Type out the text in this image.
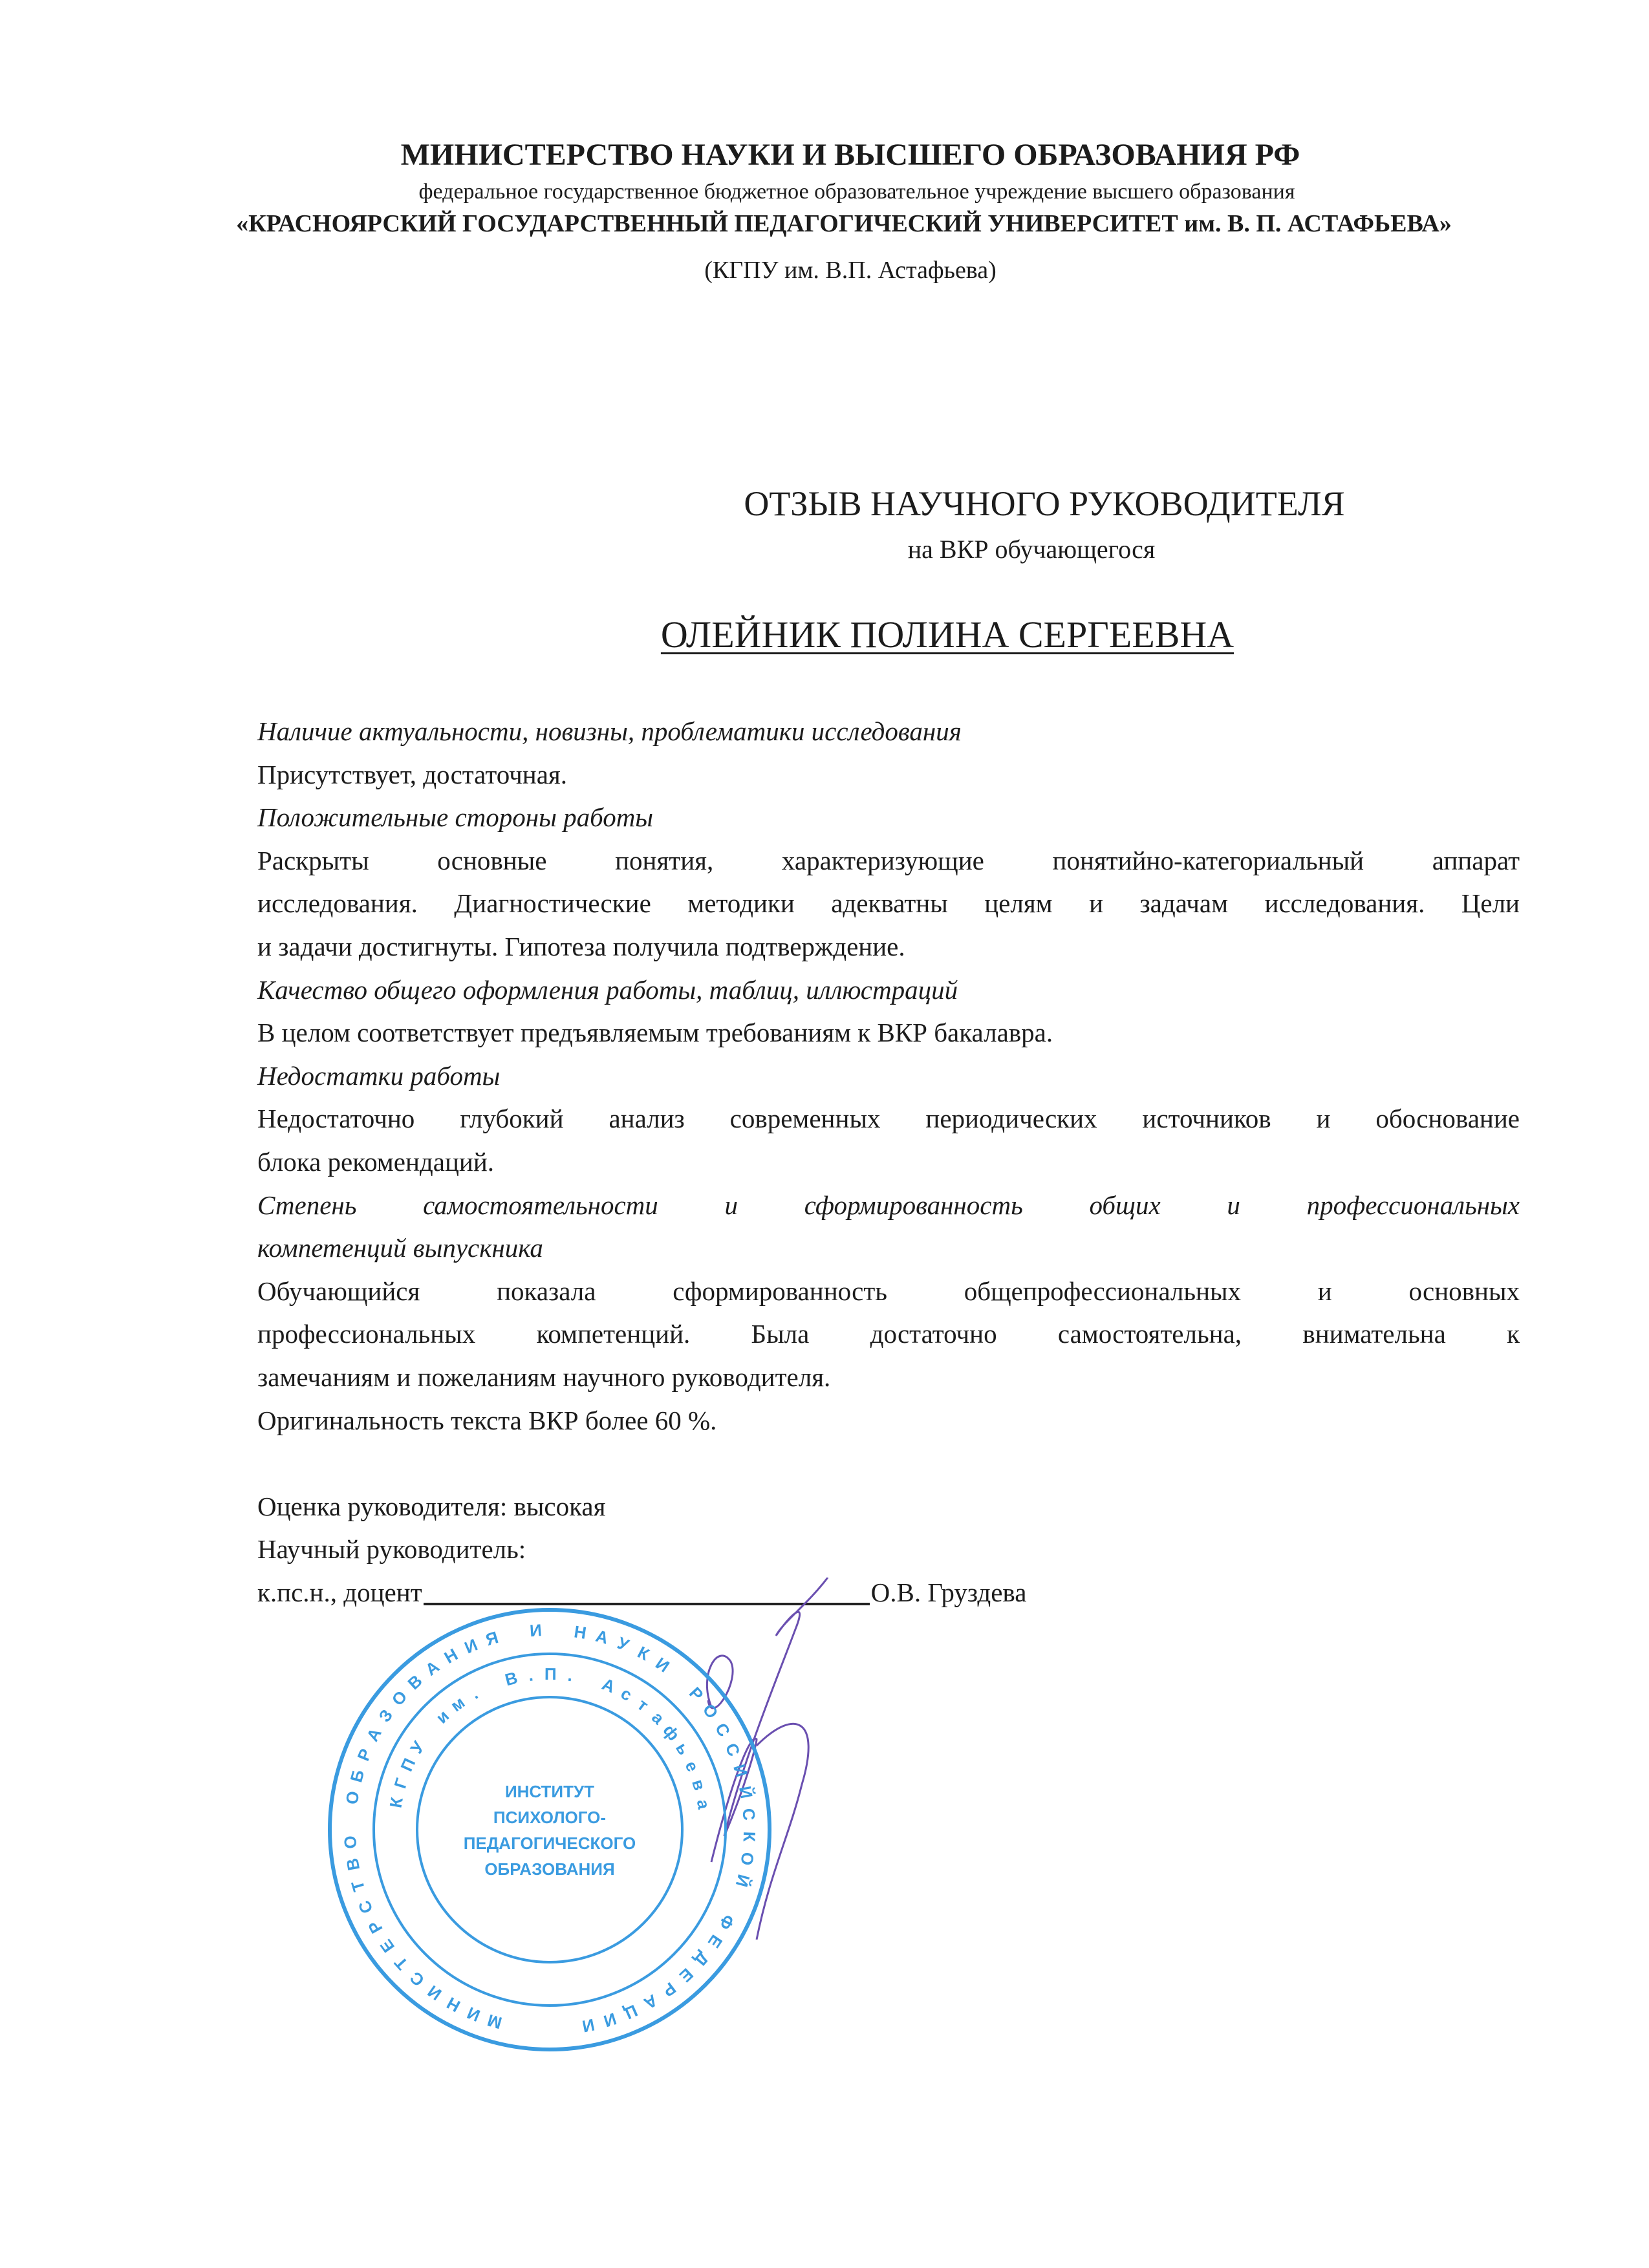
МИНИСТЕРСТВО НАУКИ И ВЫСШЕГО ОБРАЗОВАНИЯ РФ
федеральное государственное бюджетное образовательное учреждение высшего образования
«КРАСНОЯРСКИЙ ГОСУДАРСТВЕННЫЙ ПЕДАГОГИЧЕСКИЙ УНИВЕРСИТЕТ им. В. П. АСТАФЬЕВА»
(КГПУ им. В.П. Астафьева)
ОТЗЫВ НАУЧНОГО РУКОВОДИТЕЛЯ
на ВКР обучающегося
ОЛЕЙНИК ПОЛИНА СЕРГЕЕВНА
Наличие актуальности, новизны, проблематики исследования
Присутствует, достаточная.
Положительные стороны работы
Раскрыты основные понятия, характеризующие понятийно-категориальный аппарат
исследования. Диагностические методики адекватны целям и задачам исследования. Цели
и задачи достигнуты. Гипотеза получила подтверждение.
Качество общего оформления работы, таблиц, иллюстраций
В целом соответствует предъявляемым требованиям к ВКР бакалавра.
Недостатки работы
Недостаточно глубокий анализ современных периодических источников и обоснование
блока рекомендаций.
Степень самостоятельности и сформированность общих и профессиональных
компетенций выпускника
Обучающийся показала сформированность общепрофессиональных и основных
профессиональных компетенций. Была достаточно самостоятельна, внимательна к
замечаниям и пожеланиям научного руководителя.
Оригинальность текста ВКР более 60 %.
Оценка руководителя: высокая
Научный руководитель:
к.пс.н., доцент	О.В. Груздева
М
И
Н
И
С
Т
Е
Р
С
Т
В
О
О
Б
Р
А
З
О
В
А
Н И Я И Н А У К
И
Р
О
С
С
И
Й
С
К
О
Й
Ф
Е
Д
Е
Р
А
Ц
И
И
К
Г
П
У
и
м
.
В . П . А с
т
а
ф
ь
е
в
а
ИНСТИТУТ
ПСИХОЛОГО-
ПЕДАГОГИЧЕСКОГО
ОБРАЗОВАНИЯ
